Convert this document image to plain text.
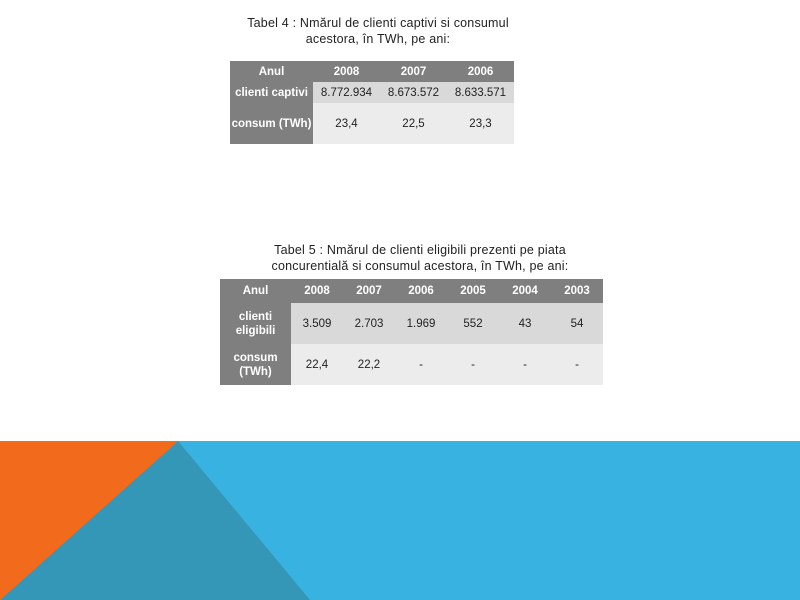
Tabel 4 : Nmărul de clienti captivi si consumul
acestora, în TWh, pe ani:
Anul	2008	2007	2006
clienti captivi	8.772.934	8.673.572	8.633.571
consum (TWh)	23,4	22,5	23,3
Tabel 5 : Nmărul de clienti eligibili prezenti pe piata
concurentială si consumul acestora, în TWh, pe ani:
Anul	2008	2007	2006	2005	2004	2003
clienti eligibili	3.509	2.703	1.969	552	43	54
consum (TWh)	22,4	22,2	-	-	-	-
